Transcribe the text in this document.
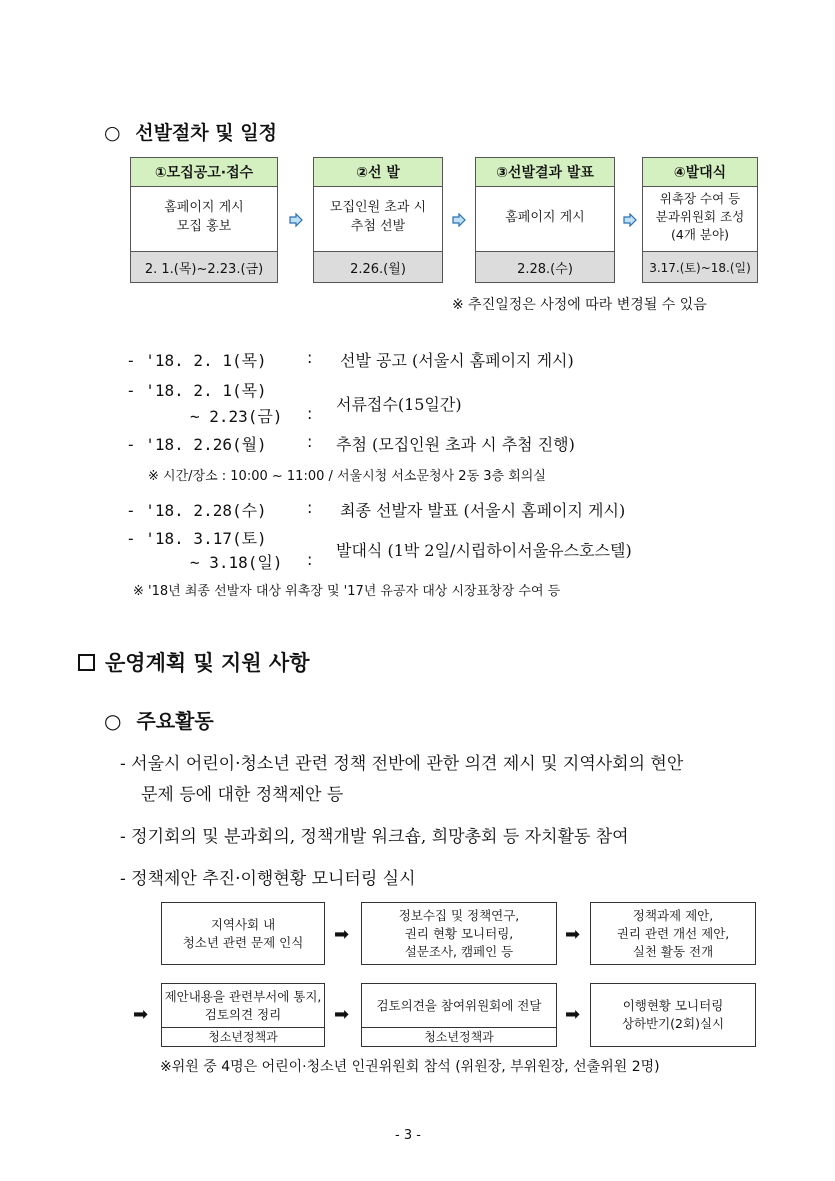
○ 선발절차 및 일정
①모집공고·접수
홈페이지 게시
모집 홍보
2. 1.(목)~2.23.(금)
②선 발
모집인원 초과 시
추첨 선발
2.26.(월)
③선발결과 발표
홈페이지 게시
2.28.(수)
④발대식
위촉장 수여 등
분과위원회 조성
(4개 분야)
3.17.(토)~18.(일)
※ 추진일정은 사정에 따라 변경될 수 있음
- '18. 2. 1(목)	: 선발 공고 (서울시 홈페이지 게시)
- '18. 2. 1(목)
~ 2.23(금) : 서류접수(15일간)
- '18. 2.26(월)	: 추첨 (모집인원 초과 시 추첨 진행)
※ 시간/장소 : 10:00 ~ 11:00 / 서울시청 서소문청사 2동 3층 회의실
- '18. 2.28(수)	: 최종 선발자 발표 (서울시 홈페이지 게시)
- '18. 3.17(토)
~ 3.18(일) : 발대식 (1박 2일/시립하이서울유스호스텔)
※ '18년 최종 선발자 대상 위촉장 및 '17년 유공자 대상 시장표창장 수여 등
운영계획 및 지원 사항
○ 주요활동
- 서울시 어린이·청소년 관련 정책 전반에 관한 의견 제시 및 지역사회의 현안
문제 등에 대한 정책제안 등
- 정기회의 및 분과회의, 정책개발 워크숍, 희망총회 등 자치활동 참여
- 정책제안 추진·이행현황 모니터링 실시
지역사회 내
청소년 관련 문제 인식 ➡
정보수집 및 정책연구,
권리 현황 모니터링,
설문조사, 캠페인 등
➡
정책과제 제안,
권리 관련 개선 제안,
실천 활동 전개
➡
제안내용을 관련부서에 통지,
검토의견 정리
청소년정책과
➡ 검토의견을 참여위원회에 전달
청소년정책과
➡	이행현황 모니터링
상하반기(2회)실시
※위원 중 4명은 어린이·청소년 인권위원회 참석 (위원장, 부위원장, 선출위원 2명)
- 3 -
